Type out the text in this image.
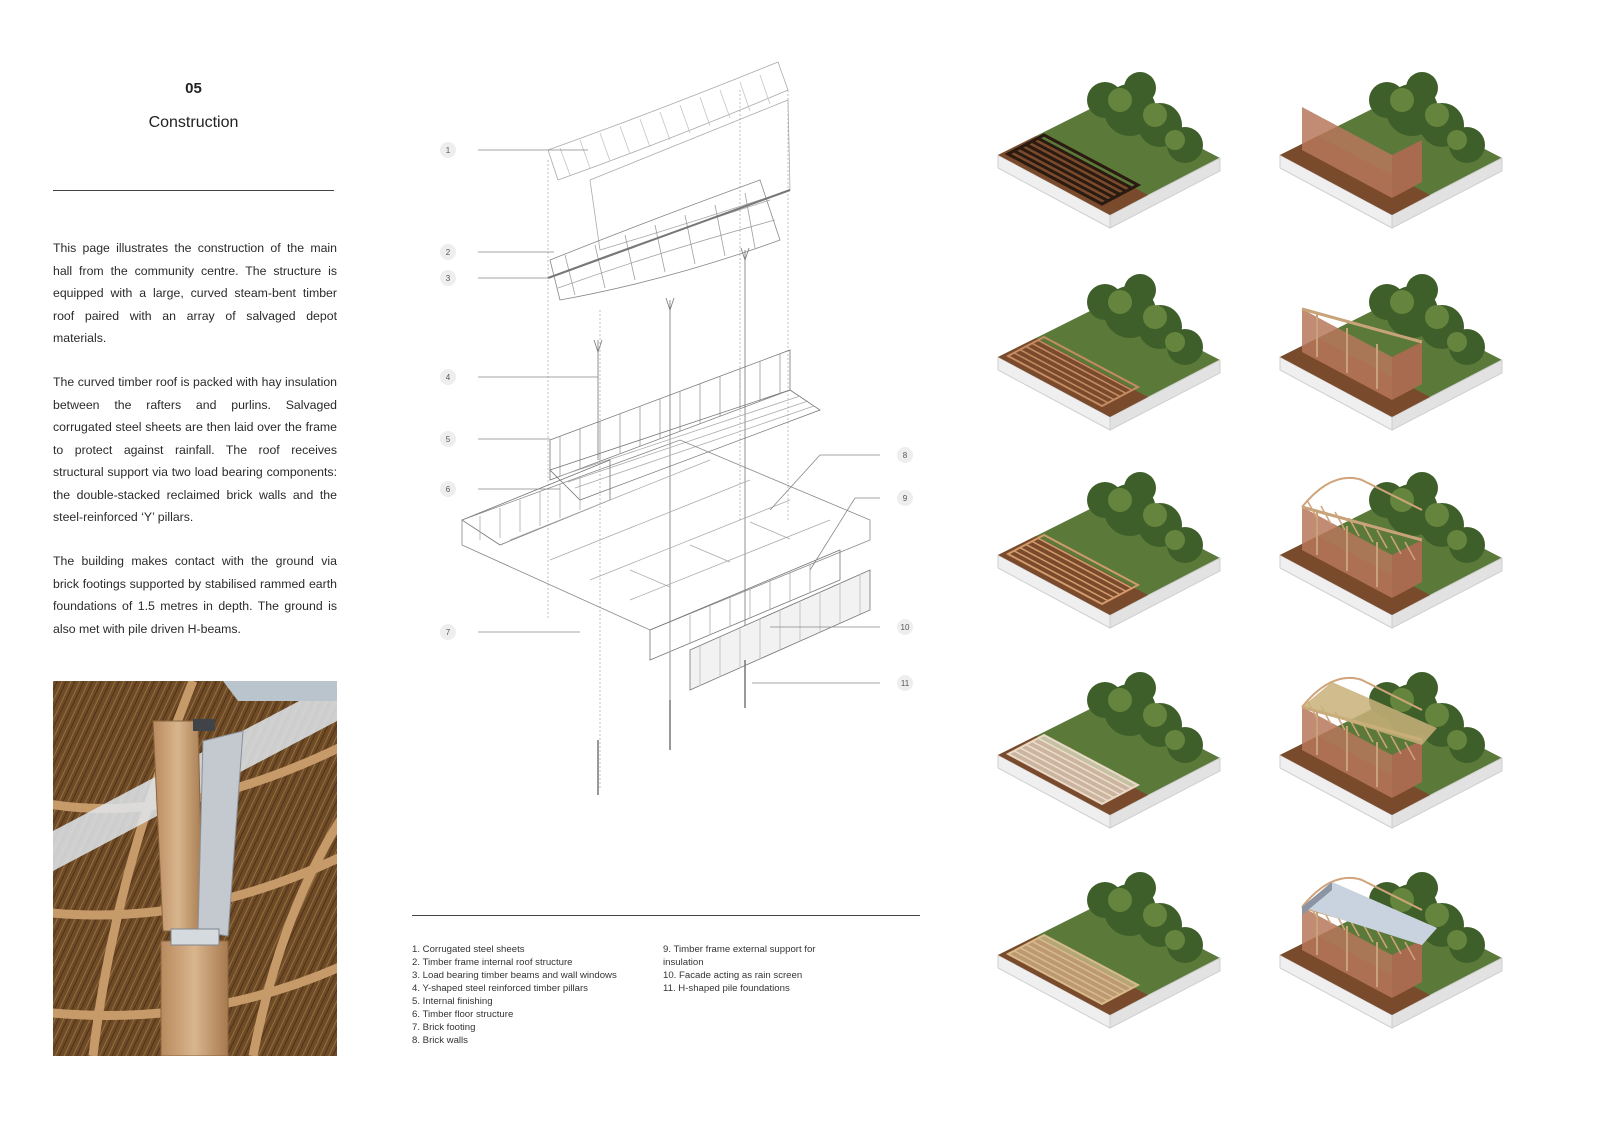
05
Construction

This page illustrates the construction of the main hall from the community centre. The structure is equipped with a large, curved steam-bent timber roof paired with an array of salvaged depot materials.

The curved timber roof is packed with hay insulation between the rafters and purlins. Salvaged corrugated steel sheets are then laid over the frame to protect against rainfall. The roof receives structural support via two load bearing components: the double-stacked reclaimed brick walls and the steel-reinforced ‘Y’ pillars.

The building makes contact with the ground via brick footings supported by stabilised rammed earth foundations of 1.5 metres in depth. The ground is also met with pile driven H-beams.

1
2
3
4
5
6
7
8
9
10
11
1. Corrugated steel sheets
2. Timber frame internal roof structure
3. Load bearing timber beams and wall windows
4. Y-shaped steel reinforced timber pillars
5. Internal finishing
6. Timber floor structure
7. Brick footing
8. Brick walls
9. Timber frame external support for insulation
10. Facade acting as rain screen
11. H-shaped pile foundations
